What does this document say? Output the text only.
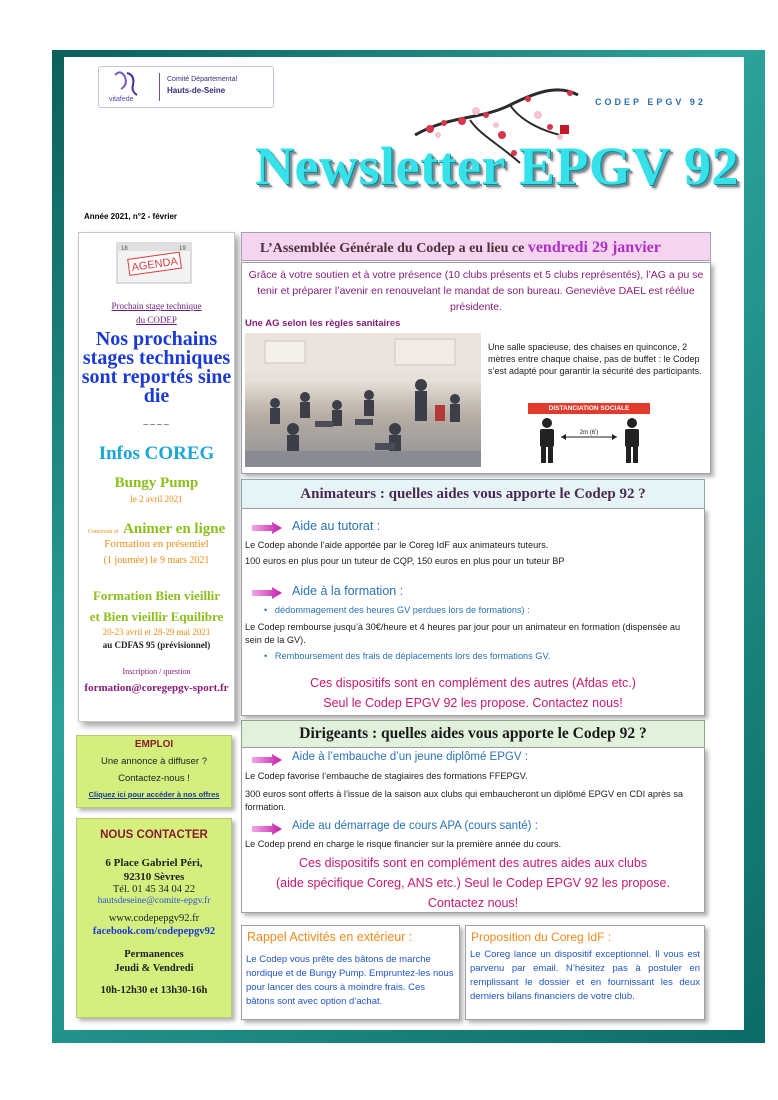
vitafede
Comité Départemental
Hauts-de-Seine
CODEP EPGV 92
Newsletter EPGV 92
Année 2021, n°2 - février
18	19
AGENDA
Prochain stage technique
du CODEP
Nos prochains stages techniques sont reportés sine die
~~~~
Infos COREG
Bungy Pump
le 2 avril 2021
Concevoir et Animer en ligne
Formation en présentiel
(1 journée) le 9 mars 2021
Formation Bien vieillir et Bien vieillir Equilibre
20-23 avril et 28-29 mai 2021
au CDFAS 95 (prévisionnel)
Inscription / question
formation@coregepgv-sport.fr
EMPLOI
Une annonce à diffuser ?
Contactez-nous !
Cliquez ici pour accéder à nos offres
NOUS CONTACTER
6 Place Gabriel Péri,
92310 Sèvres
Tél. 01 45 34 04 22
hautsdeseine@comite-epgv.fr
www.codepepgv92.fr
facebook.com/codepepgv92
Permanences
Jeudi & Vendredi
10h-12h30 et 13h30-16h
L’Assemblée Générale du Codep a eu lieu ce vendredi 29 janvier
Grâce à votre soutien et à votre présence (10 clubs présents et 5 clubs représentés), l’AG a pu se tenir et préparer l’avenir en renouvelant le mandat de son bureau. Geneviève DAEL est réélue présidente.
Une AG selon les règles sanitaires
Une salle spacieuse, des chaises en quinconce, 2 mètres entre chaque chaise, pas de buffet : le Codep s’est adapté pour garantir la sécurité des participants.
DISTANCIATION SOCIALE
2m (6')
Animateurs : quelles aides vous apporte le Codep 92 ?
Aide au tutorat :
Le Codep abonde l’aide apportée par le Coreg IdF aux animateurs tuteurs.
100 euros en plus pour un tuteur de CQP, 150 euros en plus pour un tuteur BP
Aide à la formation :
•   dédommagement des heures GV perdues lors de formations) :
Le Codep rembourse jusqu’à 30€/heure et 4 heures par jour pour un animateur en formation (dispensée au sein de la GV).
•   Remboursement des frais de déplacements lors des formations GV.
Ces dispositifs sont en complément des autres (Afdas etc.)
Seul le Codep EPGV 92 les propose. Contactez nous!
Dirigeants : quelles aides vous apporte le Codep 92 ?
Aide à l’embauche d’un jeune diplômé EPGV :
Le Codep favorise l’embauche de stagiaires des formations FFEPGV.
300 euros sont offerts à l’issue de la saison aux clubs qui embaucheront un diplômé EPGV en CDI après sa formation.
Aide au démarrage de cours APA (cours santé) :
Le Codep prend en charge le risque financier sur la première année du cours.
Ces dispositifs sont en complément des autres aides aux clubs
(aide spécifique Coreg, ANS etc.) Seul le Codep EPGV 92 les propose.
Contactez nous!
Rappel Activités en extérieur :
Le Codep vous prête des bâtons de marche nordique et de Bungy Pump. Empruntez-les nous pour lancer des cours à moindre frais. Ces bâtons sont avec option d’achat.
Proposition du Coreg IdF :
Le Coreg lance un dispositif exceptionnel. Il vous est parvenu par email. N’hésitez pas à postuler en remplissant le dossier et en fournissant les deux derniers bilans financiers de votre club.
